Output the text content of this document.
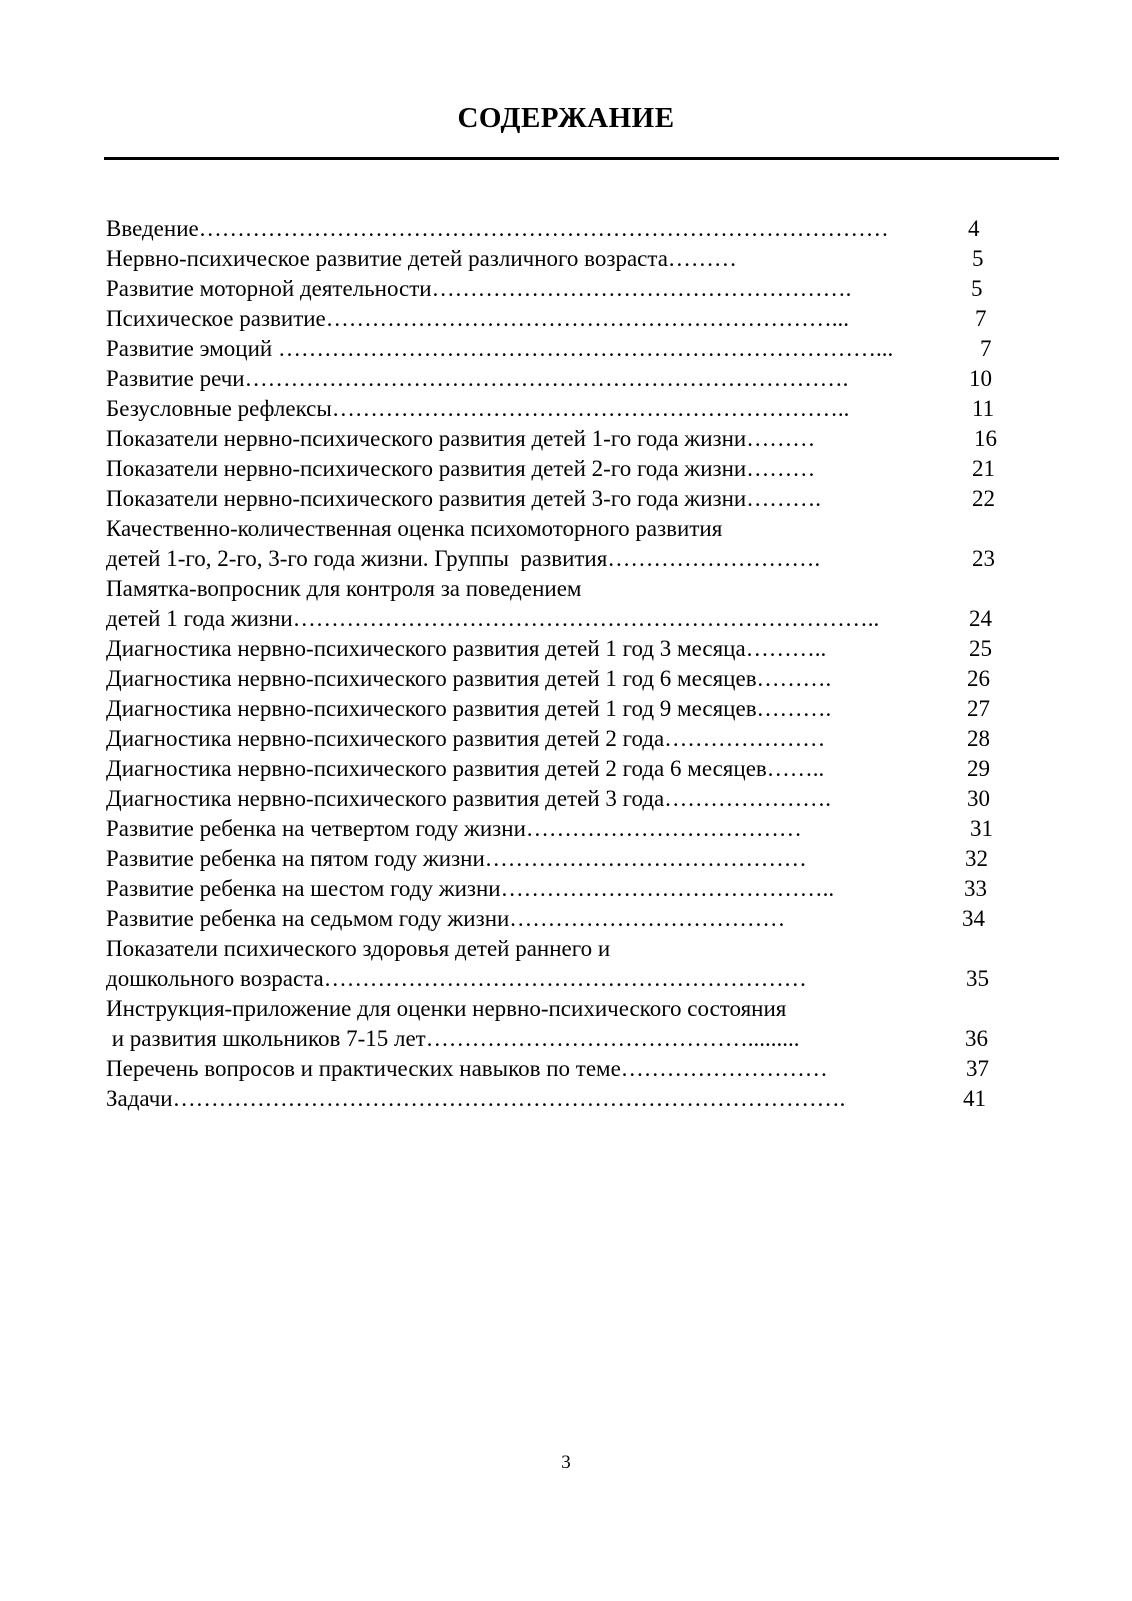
СОДЕРЖАНИЕ
Введение………………………………………………………………………………	4
Нервно-психическое развитие детей различного возраста………	5
Развитие моторной деятельности……………………………………………….	5
Психическое развитие…………………………………………………………...	7
Развитие эмоций ……………………………………………………………………...	7
Развитие речи…………………………………………………………………….	10
Безусловные рефлексы…………………………………………………………..	11
Показатели нервно-психического развития детей 1-го года жизни………	16
Показатели нервно-психического развития детей 2-го года жизни………	21
Показатели нервно-психического развития детей 3-го года жизни……….	22
Качественно-количественная оценка психомоторного развития
детей 1-го, 2-го, 3-го года жизни. Группы  развития……………………….	23
Памятка-вопросник для контроля за поведением
детей 1 года жизни…………………………………………………………………..	24
Диагностика нервно-психического развития детей 1 год 3 месяца………..	25
Диагностика нервно-психического развития детей 1 год 6 месяцев……….	26
Диагностика нервно-психического развития детей 1 год 9 месяцев……….	27
Диагностика нервно-психического развития детей 2 года…………………	28
Диагностика нервно-психического развития детей 2 года 6 месяцев……..	29
Диагностика нервно-психического развития детей 3 года………………….	30
Развитие ребенка на четвертом году жизни………………………………	31
Развитие ребенка на пятом году жизни……………………………………	32
Развитие ребенка на шестом году жизни……………………………………..	33
Развитие ребенка на седьмом году жизни………………………………	34
Показатели психического здоровья детей раннего и
дошкольного возраста………………………………………………………	35
Инструкция-приложение для оценки нервно-психического состояния
и развития школьников 7-15 лет…………………………………….........	36
Перечень вопросов и практических навыков по теме………………………	37
Задачи…………………………………………………………………………….	41
3
